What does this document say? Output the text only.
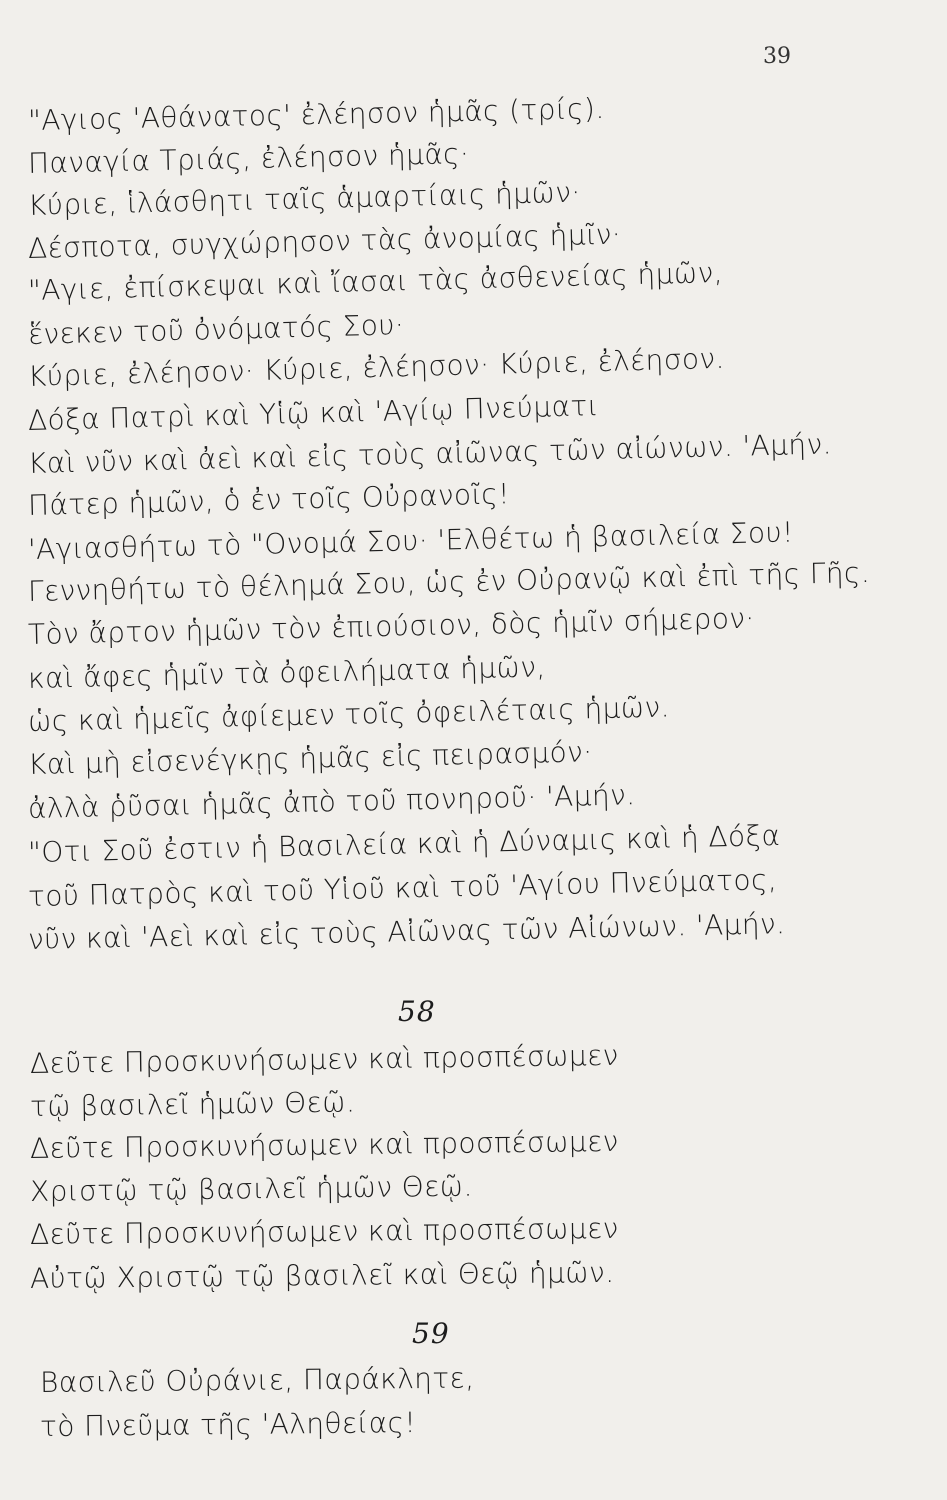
39
"Αγιος 'Αθάνατος' ἐλέησον ἡμᾶς (τρίς).
Παναγία Τριάς, ἐλέησον ἡμᾶς·
Κύριε, ἱλάσθητι ταῖς ἁμαρτίαις ἡμῶν·
Δέσποτα, συγχώρησον τὰς ἀνομίας ἡμῖν·
"Αγιε, ἐπίσκεψαι καὶ ἴασαι τὰς ἀσθενείας ἡμῶν,
ἕνεκεν τοῦ ὀνόματός Σου·
Κύριε, ἐλέησον· Κύριε, ἐλέησον· Κύριε, ἐλέησον.
Δόξα Πατρὶ καὶ Υἱῷ καὶ 'Αγίῳ Πνεύματι
Καὶ νῦν καὶ ἀεὶ καὶ εἰς τοὺς αἰῶνας τῶν αἰώνων. 'Αμήν.
Πάτερ ἡμῶν, ὁ ἐν τοῖς Οὐρανοῖς!
'Αγιασθήτω τὸ "Ονομά Σου· 'Ελθέτω ἡ βασιλεία Σου!
Γεννηθήτω τὸ θέλημά Σου, ὡς ἐν Οὐρανῷ καὶ ἐπὶ τῆς Γῆς.
Τὸν ἄρτον ἡμῶν τὸν ἐπιούσιον, δὸς ἡμῖν σήμερον·
καὶ ἄφες ἡμῖν τὰ ὀφειλήματα ἡμῶν,
ὡς καὶ ἡμεῖς ἀφίεμεν τοῖς ὀφειλέταις ἡμῶν.
Καὶ μὴ εἰσενέγκῃς ἡμᾶς εἰς πειρασμόν·
ἀλλὰ ῥῦσαι ἡμᾶς ἀπὸ τοῦ πονηροῦ· 'Αμήν.
"Οτι Σοῦ ἐστιν ἡ Βασιλεία καὶ ἡ Δύναμις καὶ ἡ Δόξα
τοῦ Πατρὸς καὶ τοῦ Υἱοῦ καὶ τοῦ 'Αγίου Πνεύματος,
νῦν καὶ 'Αεὶ καὶ εἰς τοὺς Αἰῶνας τῶν Αἰώνων. 'Αμήν.
58
Δεῦτε Προσκυνήσωμεν καὶ προσπέσωμεν
τῷ βασιλεῖ ἡμῶν Θεῷ.
Δεῦτε Προσκυνήσωμεν καὶ προσπέσωμεν
Χριστῷ τῷ βασιλεῖ ἡμῶν Θεῷ.
Δεῦτε Προσκυνήσωμεν καὶ προσπέσωμεν
Αὐτῷ Χριστῷ τῷ βασιλεῖ καὶ Θεῷ ἡμῶν.
59
Βασιλεῦ Οὐράνιε, Παράκλητε,
τὸ Πνεῦμα τῆς 'Αληθείας!
